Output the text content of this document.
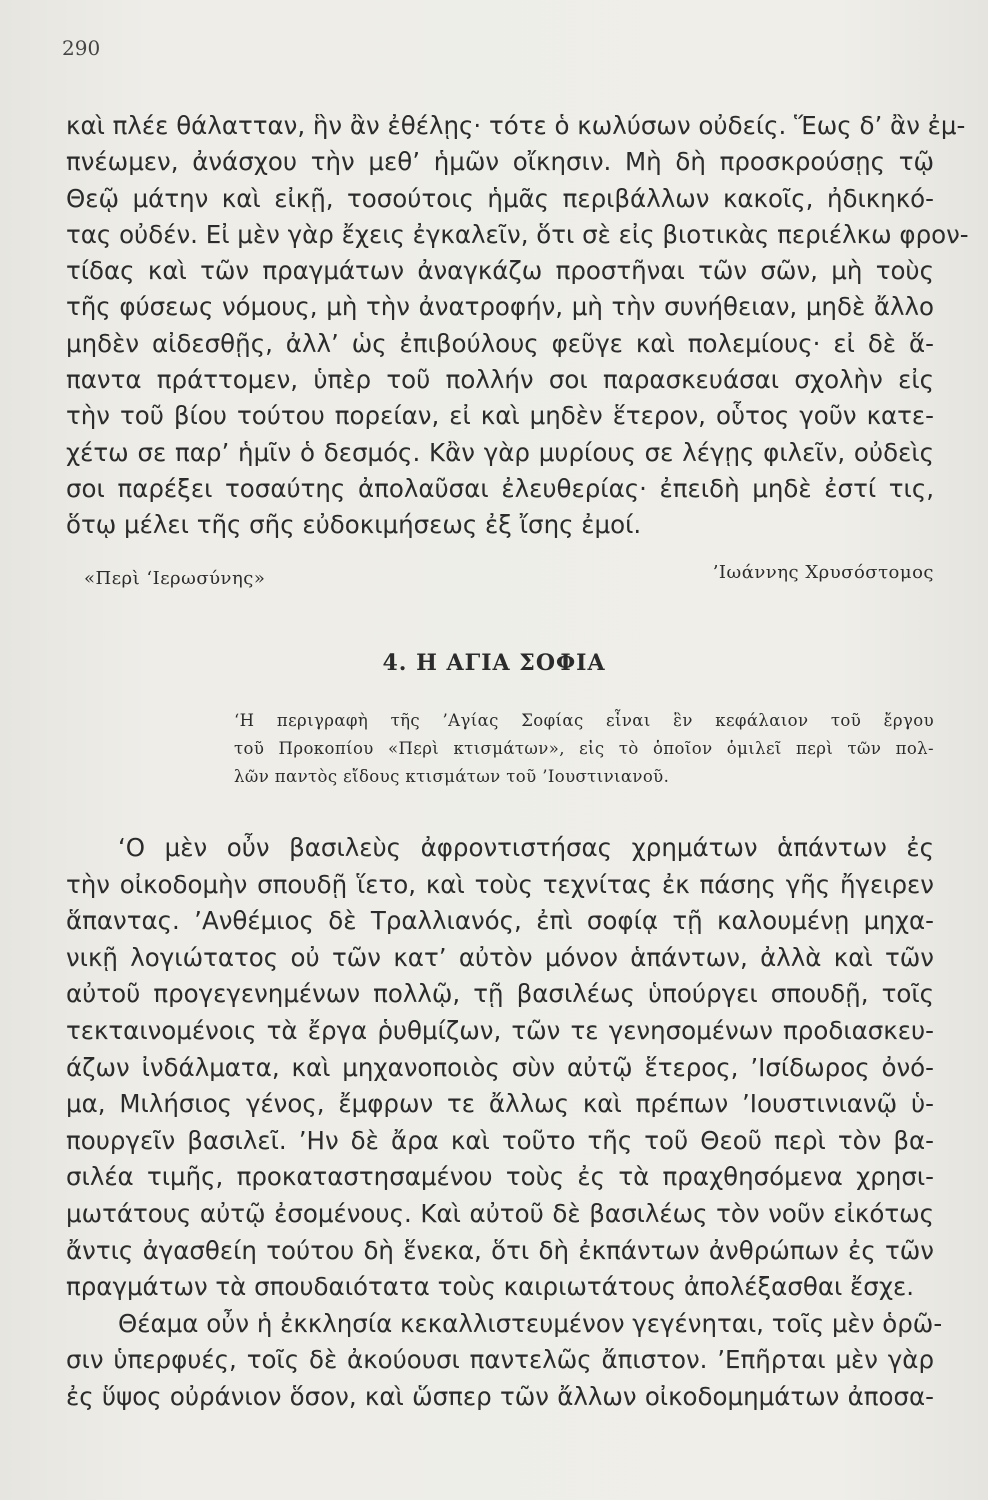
290
καὶ πλέε θάλατταν, ἣν ἂν ἐθέλῃς· τότε ὁ κωλύσων οὐδείς. Ἕως δ’ ἂν ἐμ-
πνέωμεν, ἀνάσχου τὴν μεθ’ ἡμῶν οἴκησιν. Μὴ δὴ προσκρούσῃς τῷ
Θεῷ μάτην καὶ εἰκῇ, τοσούτοις ἡμᾶς περιβάλλων κακοῖς, ἠδικηκό-
τας οὐδέν. Εἰ μὲν γὰρ ἔχεις ἐγκαλεῖν, ὅτι σὲ εἰς βιοτικὰς περιέλκω φρον-
τίδας καὶ τῶν πραγμάτων ἀναγκάζω προστῆναι τῶν σῶν, μὴ τοὺς
τῆς φύσεως νόμους, μὴ τὴν ἀνατροφήν, μὴ τὴν συνήθειαν, μηδὲ ἄλλο
μηδὲν αἰδεσθῇς, ἀλλ’ ὡς ἐπιβούλους φεῦγε καὶ πολεμίους· εἰ δὲ ἅ-
παντα πράττομεν, ὑπὲρ τοῦ πολλήν σοι παρασκευάσαι σχολὴν εἰς
τὴν τοῦ βίου τούτου πορείαν, εἰ καὶ μηδὲν ἕτερον, οὗτος γοῦν κατε-
χέτω σε παρ’ ἡμῖν ὁ δεσμός. Κἂν γὰρ μυρίους σε λέγῃς φιλεῖν, οὐδεὶς
σοι παρέξει τοσαύτης ἀπολαῦσαι ἐλευθερίας· ἐπειδὴ μηδὲ ἐστί τις,
ὅτῳ μέλει τῆς σῆς εὐδοκιμήσεως ἐξ ἴσης ἐμοί.
«Περὶ ‘Ιερωσύνης»	’Ιωάννης Χρυσόστομος
4. Η ΑΓΙΑ ΣΟΦΙΑ
‘Η περιγραφὴ τῆς ’Αγίας Σοφίας εἶναι ἓν κεφάλαιον τοῦ ἔργου
τοῦ Προκοπίου «Περὶ κτισμάτων», εἰς τὸ ὁποῖον ὁμιλεῖ περὶ τῶν πολ-
λῶν παντὸς εἴδους κτισμάτων τοῦ ’Ιουστινιανοῦ.
‘Ο μὲν οὖν βασιλεὺς ἀφροντιστήσας χρημάτων ἁπάντων ἐς
τὴν οἰκοδομὴν σπουδῇ ἵετο, καὶ τοὺς τεχνίτας ἐκ πάσης γῆς ἤγειρεν
ἅπαντας. ’Ανθέμιος δὲ Τραλλιανός, ἐπὶ σοφίᾳ τῇ καλουμένῃ μηχα-
νικῇ λογιώτατος οὐ τῶν κατ’ αὐτὸν μόνον ἁπάντων, ἀλλὰ καὶ τῶν
αὐτοῦ προγεγενημένων πολλῷ, τῇ βασιλέως ὑπούργει σπουδῇ, τοῖς
τεκταινομένοις τὰ ἔργα ῥυθμίζων, τῶν τε γενησομένων προδιασκευ-
άζων ἰνδάλματα, καὶ μηχανοποιὸς σὺν αὐτῷ ἕτερος, ’Ισίδωρος ὀνό-
μα, Μιλήσιος γένος, ἔμφρων τε ἄλλως καὶ πρέπων ’Ιουστινιανῷ ὑ-
πουργεῖν βασιλεῖ. ’Ην δὲ ἄρα καὶ τοῦτο τῆς τοῦ Θεοῦ περὶ τὸν βα-
σιλέα τιμῆς, προκαταστησαμένου τοὺς ἐς τὰ πραχθησόμενα χρησι-
μωτάτους αὐτῷ ἐσομένους. Καὶ αὐτοῦ δὲ βασιλέως τὸν νοῦν εἰκότως
ἄντις ἀγασθείη τούτου δὴ ἕνεκα, ὅτι δὴ ἐκπάντων ἀνθρώπων ἐς τῶν
πραγμάτων τὰ σπουδαιότατα τοὺς καιριωτάτους ἀπολέξασθαι ἔσχε.
Θέαμα οὖν ἡ ἐκκλησία κεκαλλιστευμένον γεγένηται, τοῖς μὲν ὁρῶ-
σιν ὑπερφυές, τοῖς δὲ ἀκούουσι παντελῶς ἄπιστον. ’Επῆρται μὲν γὰρ
ἐς ὕψος οὐράνιον ὅσον, καὶ ὥσπερ τῶν ἄλλων οἰκοδομημάτων ἀποσα-
